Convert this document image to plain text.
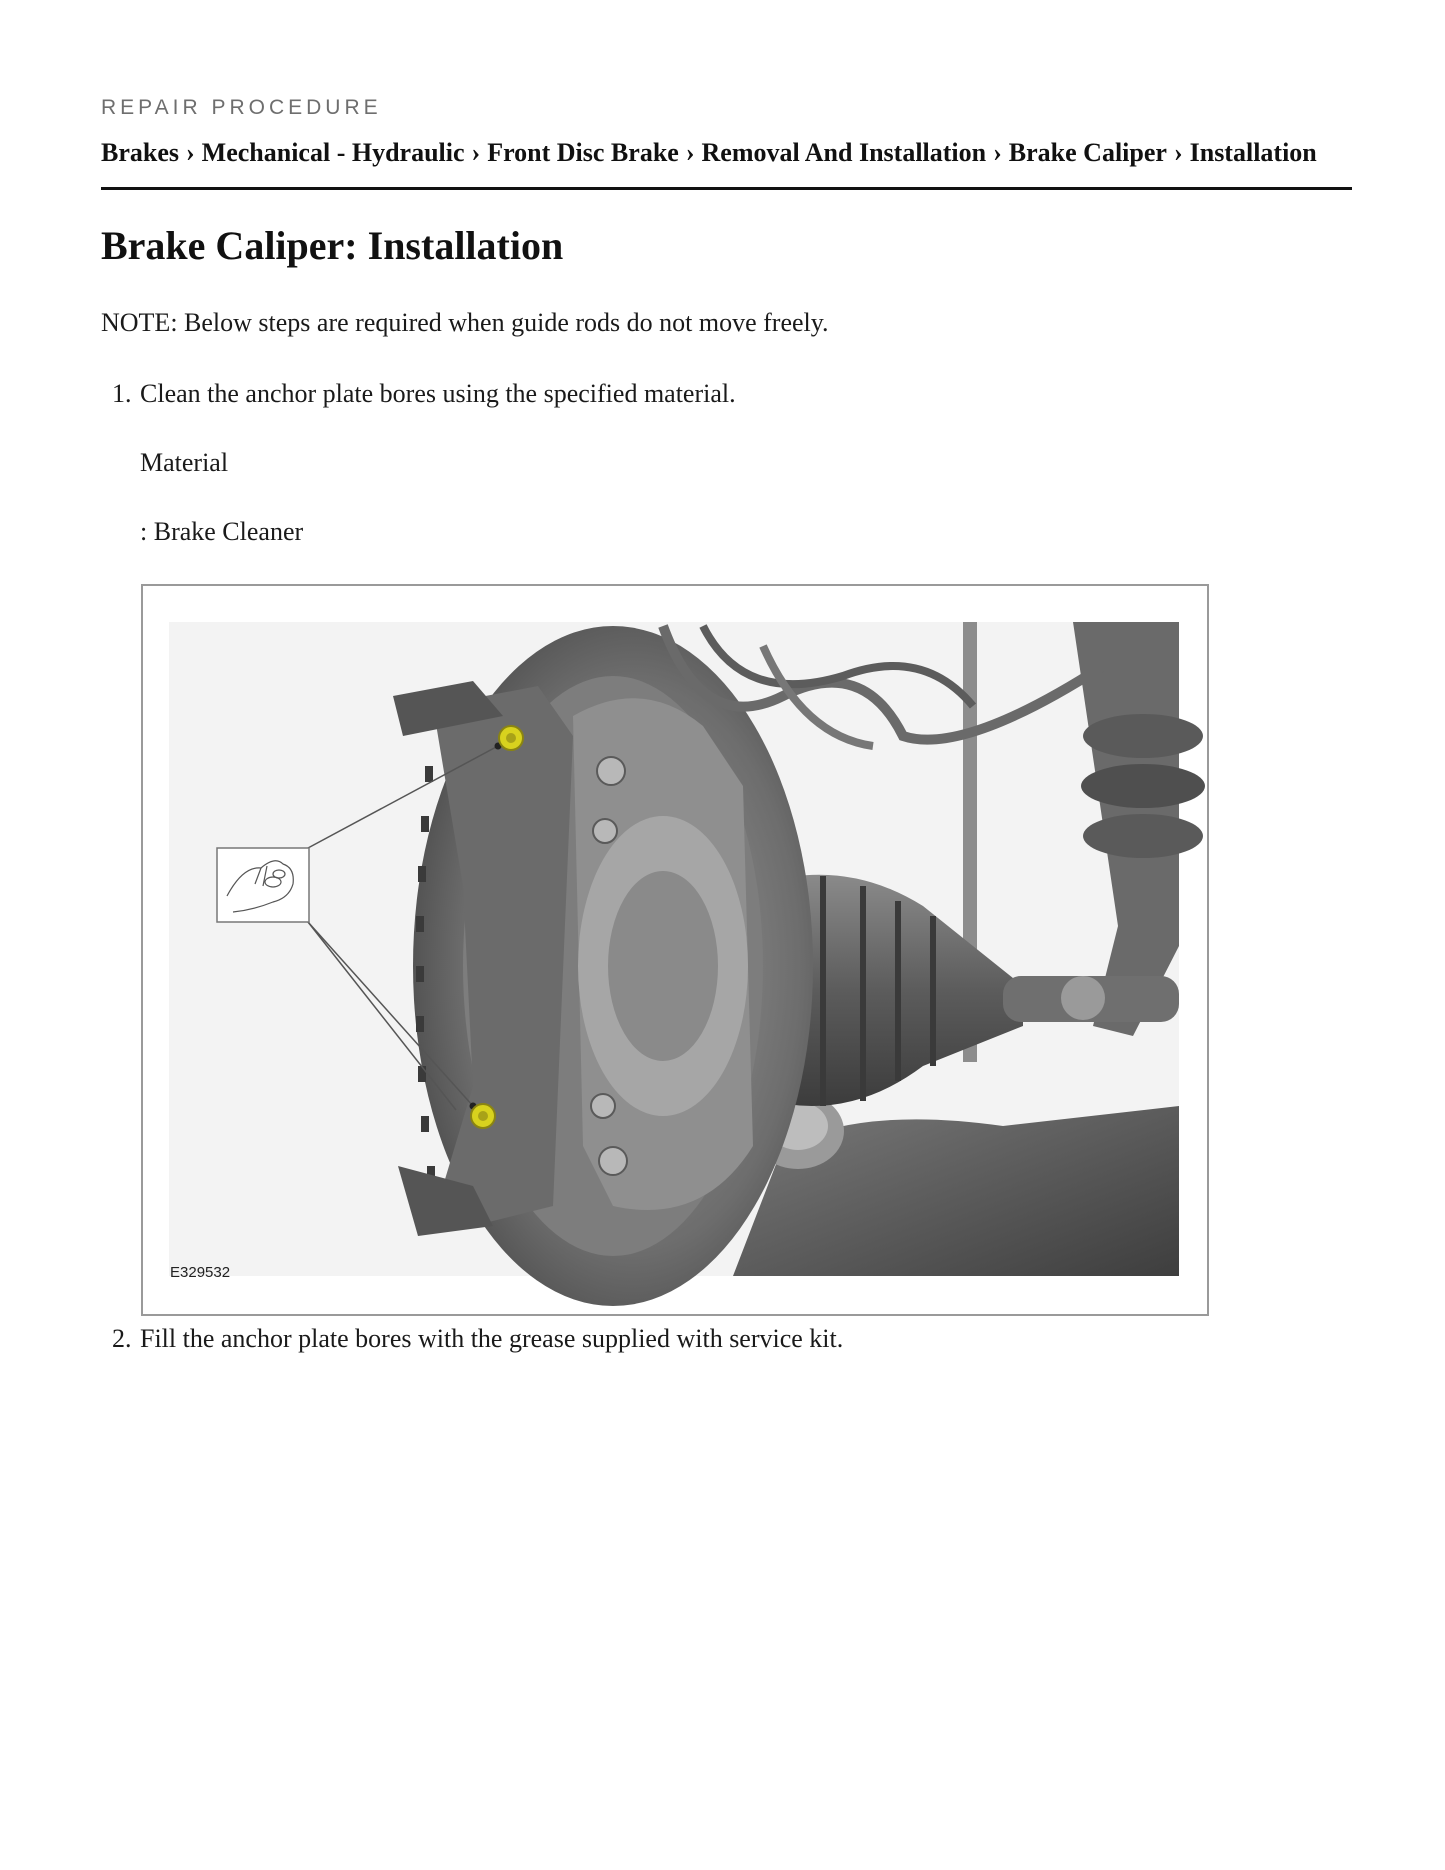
REPAIR PROCEDURE
Brakes › Mechanical - Hydraulic › Front Disc Brake › Removal And Installation › Brake Caliper › Installation
Brake Caliper: Installation
NOTE: Below steps are required when guide rods do not move freely.
1. Clean the anchor plate bores using the specified material.
Material
: Brake Cleaner
E329532
2. Fill the anchor plate bores with the grease supplied with service kit.
